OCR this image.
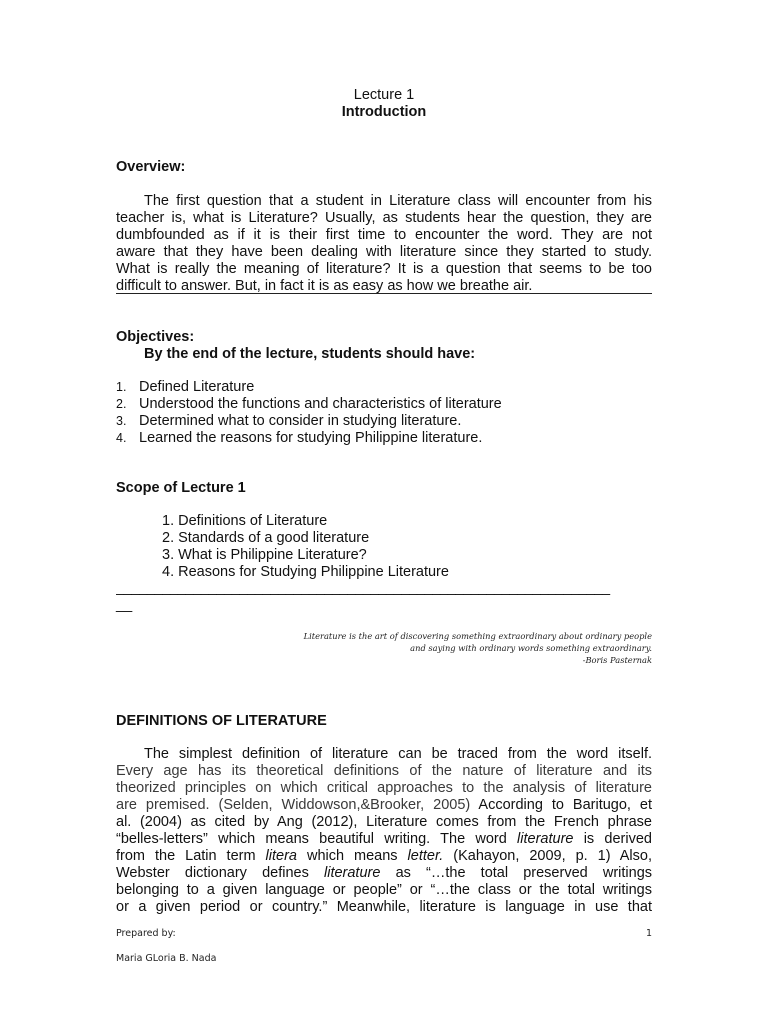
Lecture 1
Introduction
Overview:
The first question that a student in Literature class will encounter from his
teacher is, what is Literature? Usually, as students hear the question, they are
dumbfounded as if it is their first time to encounter the word. They are not
aware that they have been dealing with literature since they started to study.
What is really the meaning of literature? It is a question that seems to be too
difficult to answer. But, in fact it is as easy as how we breathe air.
Objectives:
By the end of the lecture, students should have:
1. Defined Literature
2. Understood the functions and characteristics of literature
3. Determined what to consider in studying literature.
4. Learned the reasons for studying Philippine literature.
Scope of Lecture 1
1. Definitions of Literature
2. Standards of a good literature
3. What is Philippine Literature?
4. Reasons for Studying Philippine Literature
________________________________________________________________
__
Literature is the art of discovering something extraordinary about ordinary people
and saying with ordinary words something extraordinary.
-Boris Pasternak
DEFINITIONS OF LITERATURE
The simplest definition of literature can be traced from the word itself.
Every age has its theoretical definitions of the nature of literature and its
theorized principles on which critical approaches to the analysis of literature
are premised. (Selden, Widdowson,&Brooker, 2005) According to Baritugo, et
al. (2004) as cited by Ang (2012), Literature comes from the French phrase
“belles-letters” which means beautiful writing. The word literature is derived
from the Latin term litera which means letter. (Kahayon, 2009, p. 1) Also,
Webster dictionary defines literature as “…the total preserved writings
belonging to a given language or people” or “…the class or the total writings
or a given period or country.” Meanwhile, literature is language in use that
Prepared by:	1
Maria GLoria B. Nada
